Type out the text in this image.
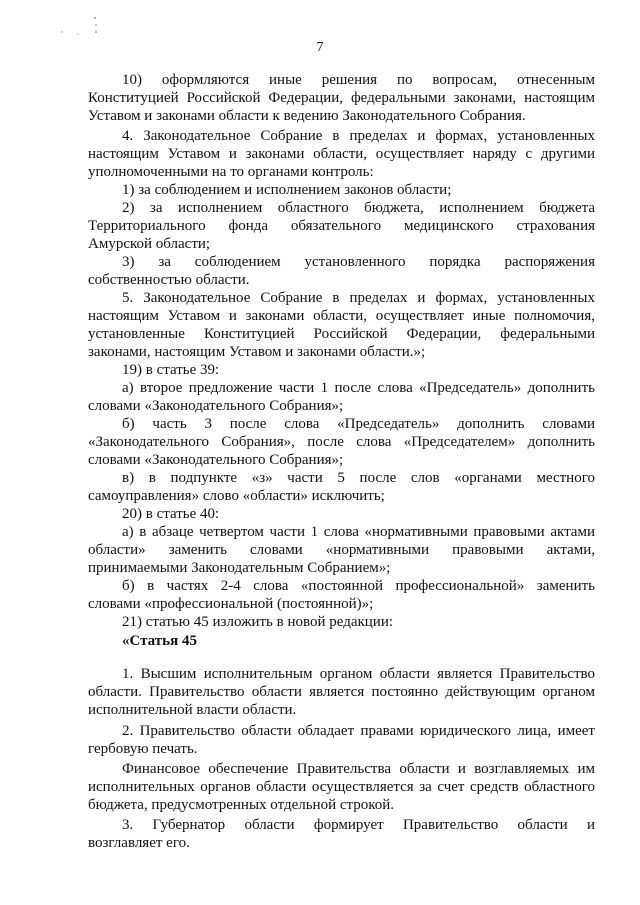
7
10) оформляются иные решения по вопросам, отнесенным
Конституцией Российской Федерации, федеральными законами, настоящим
Уставом и законами области к ведению Законодательного Собрания.
4. Законодательное Собрание в пределах и формах, установленных
настоящим Уставом и законами области, осуществляет наряду с другими
уполномоченными на то органами контроль:
1) за соблюдением и исполнением законов области;
2) за исполнением областного бюджета, исполнением бюджета
Территориального фонда обязательного медицинского страхования
Амурской области;
3) за соблюдением установленного порядка распоряжения
собственностью области.
5. Законодательное Собрание в пределах и формах, установленных
настоящим Уставом и законами области, осуществляет иные полномочия,
установленные Конституцией Российской Федерации, федеральными
законами, настоящим Уставом и законами области.»;
19) в статье 39:
а) второе предложение части 1 после слова «Председатель» дополнить
словами «Законодательного Собрания»;
б) часть 3 после слова «Председатель» дополнить словами
«Законодательного Собрания», после слова «Председателем» дополнить
словами «Законодательного Собрания»;
в) в подпункте «з» части 5 после слов «органами местного
самоуправления» слово «области» исключить;
20) в статье 40:
а) в абзаце четвертом части 1 слова «нормативными правовыми актами
области» заменить словами «нормативными правовыми актами,
принимаемыми Законодательным Собранием»;
б) в частях 2-4 слова «постоянной профессиональной» заменить
словами «профессиональной (постоянной)»;
21) статью 45 изложить в новой редакции:
«Статья 45
1. Высшим исполнительным органом области является Правительство
области. Правительство области является постоянно действующим органом
исполнительной власти области.
2. Правительство области обладает правами юридического лица, имеет
гербовую печать.
Финансовое обеспечение Правительства области и возглавляемых им
исполнительных органов области осуществляется за счет средств областного
бюджета, предусмотренных отдельной строкой.
3. Губернатор области формирует Правительство области и
возглавляет его.
